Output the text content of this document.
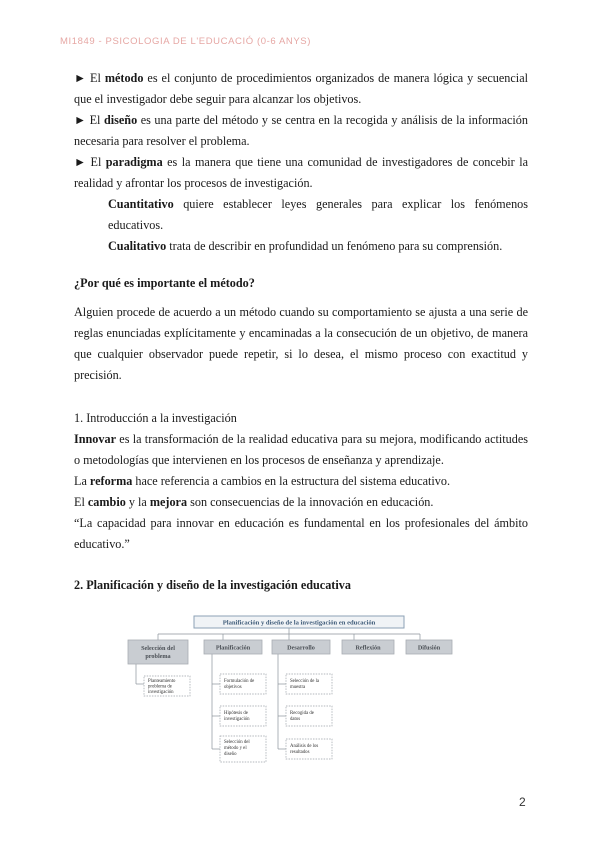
MI1849 - PSICOLOGIA DE L'EDUCACIÓ (0-6 ANYS)

► El método es el conjunto de procedimientos organizados de manera lógica y secuencial que el investigador debe seguir para alcanzar los objetivos.

► El diseño es una parte del método y se centra en la recogida y análisis de la información necesaria para resolver el problema.

► El paradigma es la manera que tiene una comunidad de investigadores de concebir la realidad y afrontar los procesos de investigación.

Cuantitativo quiere establecer leyes generales para explicar los fenómenos educativos.

Cualitativo trata de describir en profundidad un fenómeno para su comprensión.

¿Por qué es importante el método?

Alguien procede de acuerdo a un método cuando su comportamiento se ajusta a una serie de reglas enunciadas explícitamente y encaminadas a la consecución de un objetivo, de manera que cualquier observador puede repetir, si lo desea, el mismo proceso con exactitud y precisión.

1. Introducción a la investigación

Innovar es la transformación de la realidad educativa para su mejora, modificando actitudes o metodologías que intervienen en los procesos de enseñanza y aprendizaje.

La reforma hace referencia a cambios en la estructura del sistema educativo.

El cambio y la mejora son consecuencias de la innovación en educación.

“La capacidad para innovar en educación es fundamental en los profesionales del ámbito educativo.”

2. Planificación y diseño de la investigación educativa

Planificación y diseño de la investigación en educación
Selección del
problema
Planificación	Desarrollo	Reflexión	Difusión
Planteamiento
problema de
investigación
Formulación de
objetivos
Hipótesis de
investigación
Selección del
método y el
diseño
Selección de la
muestra
Recogida de
datos
Análisis de los
resultados
2
